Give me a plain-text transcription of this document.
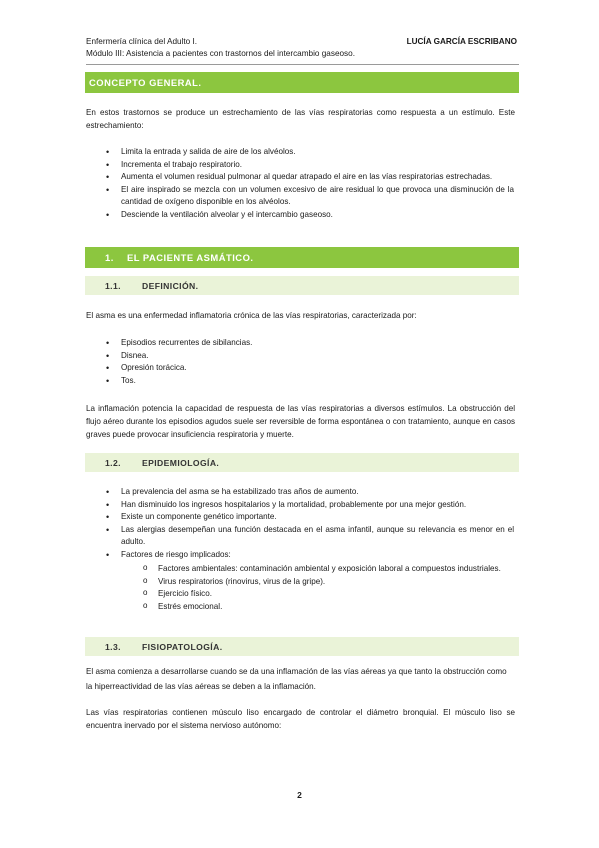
Enfermería clínica del Adulto I.
Módulo III: Asistencia a pacientes con trastornos del intercambio gaseoso.
LUCÍA GARCÍA ESCRIBANO
CONCEPTO GENERAL.

En estos trastornos se produce un estrechamiento de las vías respiratorias como respuesta a un estímulo. Este estrechamiento:

• Limita la entrada y salida de aire de los alvéolos.
• Incrementa el trabajo respiratorio.
• Aumenta el volumen residual pulmonar al quedar atrapado el aire en las vías respiratorias estrechadas.
• El aire inspirado se mezcla con un volumen excesivo de aire residual lo que provoca una disminución de la cantidad de oxígeno disponible en los alvéolos.
• Desciende la ventilación alveolar y el intercambio gaseoso.
1.	EL PACIENTE ASMÁTICO.
1.1.	DEFINICIÓN.

El asma es una enfermedad inflamatoria crónica de las vías respiratorias, caracterizada por:

• Episodios recurrentes de sibilancias.
• Disnea.
• Opresión torácica.
• Tos.

La inflamación potencia la capacidad de respuesta de las vías respiratorias a diversos estímulos. La obstrucción del flujo aéreo durante los episodios agudos suele ser reversible de forma espontánea o con tratamiento, aunque en casos graves puede provocar insuficiencia respiratoria y muerte.

1.2.	EPIDEMIOLOGÍA.
• La prevalencia del asma se ha estabilizado tras años de aumento.
• Han disminuido los ingresos hospitalarios y la mortalidad, probablemente por una mejor gestión.
• Existe un componente genético importante.
• Las alergias desempeñan una función destacada en el asma infantil, aunque su relevancia es menor en el adulto.
• Factores de riesgo implicados:
o Factores ambientales: contaminación ambiental y exposición laboral a compuestos industriales.
o Virus respiratorios (rinovirus, virus de la gripe).
o Ejercicio físico.
o Estrés emocional.
1.3.	FISIOPATOLOGÍA.

El asma comienza a desarrollarse cuando se da una inflamación de las vías aéreas ya que tanto la obstrucción como la hiperreactividad de las vías aéreas se deben a la inflamación.

Las vías respiratorias contienen músculo liso encargado de controlar el diámetro bronquial. El músculo liso se encuentra inervado por el sistema nervioso autónomo:

2
